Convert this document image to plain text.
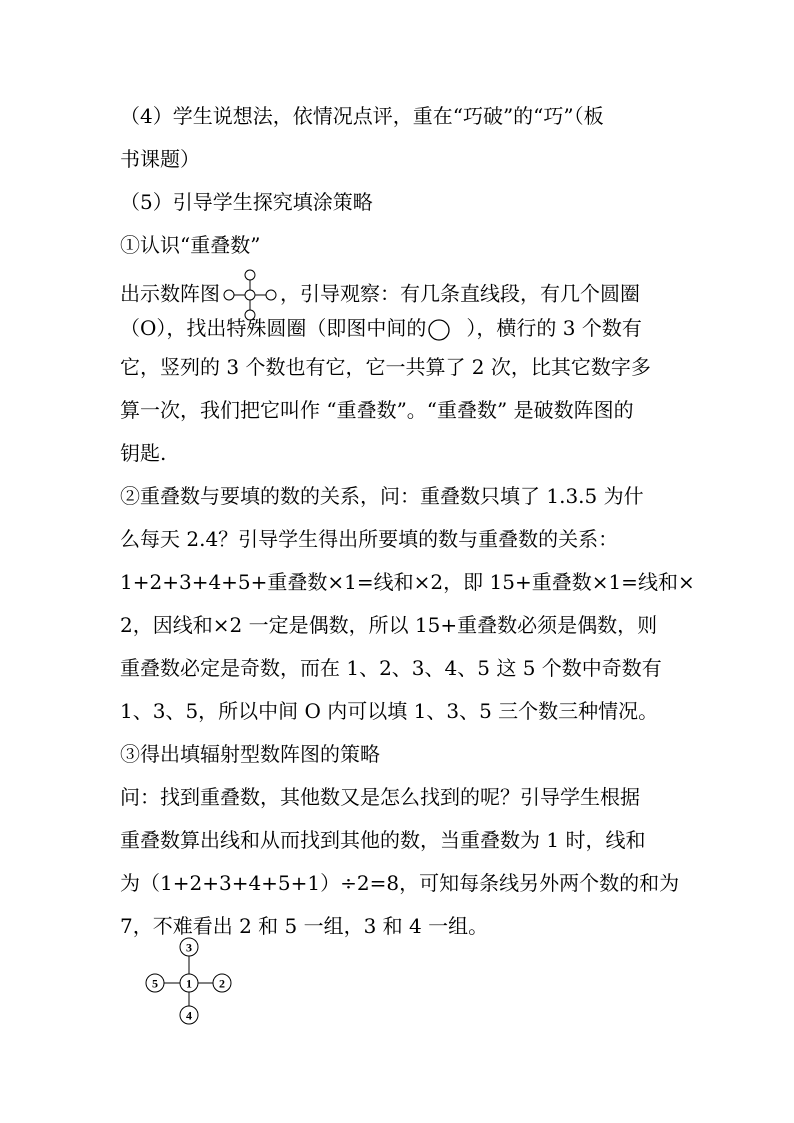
（4）学生说想法，依情况点评，重在“巧破”的“巧”（板
书课题）
（5）引导学生探究填涂策略
①认识“重叠数”
出示数阵图	，引导观察：有几条直线段，有几个圆圈
（O），找出特殊圆圈（即图中间的 ），横行的 3 个数有
它，竖列的 3 个数也有它，它一共算了 2 次，比其它数字多
算一次，我们把它叫作 “重叠数”。“重叠数” 是破数阵图的
钥匙.
②重叠数与要填的数的关系，问：重叠数只填了 1.3.5 为什
么每天 2.4？引导学生得出所要填的数与重叠数的关系：
1+2+3+4+5+重叠数×1=线和×2，即 15+重叠数×1=线和×
2，因线和×2 一定是偶数，所以 15+重叠数必须是偶数，则
重叠数必定是奇数，而在 1、2、3、4、5 这 5 个数中奇数有
1、3、5，所以中间 O 内可以填 1、3、5 三个数三种情况。
③得出填辐射型数阵图的策略
问：找到重叠数，其他数又是怎么找到的呢？引导学生根据
重叠数算出线和从而找到其他的数，当重叠数为 1 时，线和
为（1+2+3+4+5+1）÷2=8，可知每条线另外两个数的和为
7，不难看出 2 和 5 一组，3 和 4 一组。
3
5 1 2
4
